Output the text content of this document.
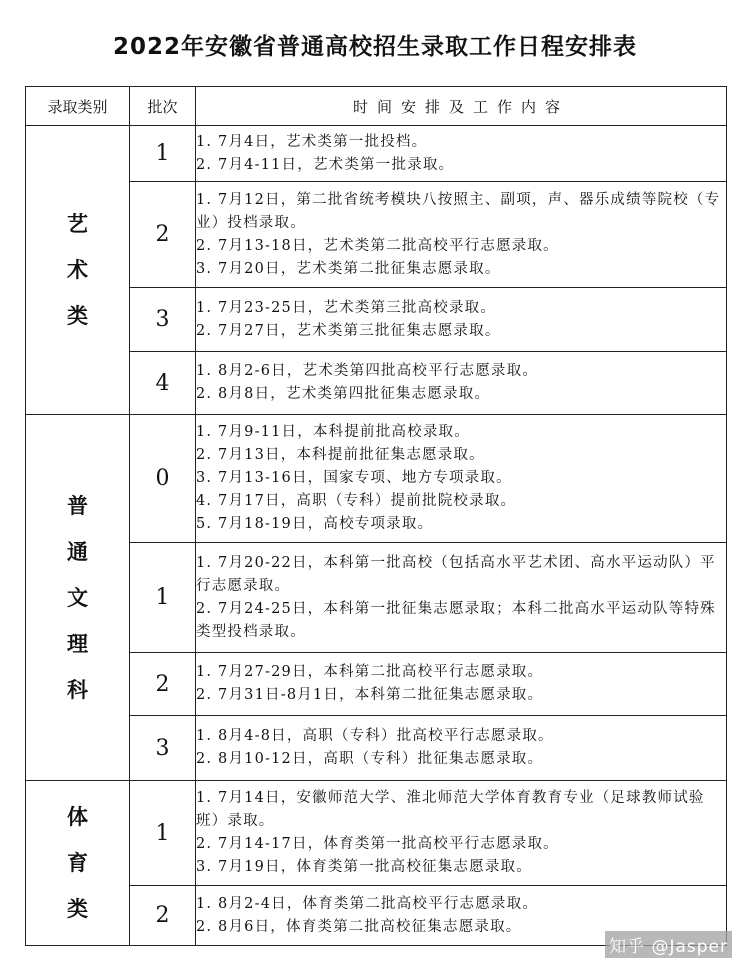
2022年安徽省普通高校招生录取工作日程安排表
录取类别	批次	时间安排及工作内容
艺术类	1	1. 7月4日，艺术类第一批投档。
2. 7月4-11日，艺术类第一批录取。

	2	1. 7月12日，第二批省统考模块八按照主、副项，声、器乐成绩等院校（专业）投档录取。
2. 7月13-18日，艺术类第二批高校平行志愿录取。
3. 7月20日，艺术类第二批征集志愿录取。

	3	1. 7月23-25日，艺术类第三批高校录取。
2. 7月27日，艺术类第三批征集志愿录取。

	4	1. 8月2-6日，艺术类第四批高校平行志愿录取。
2. 8月8日，艺术类第四批征集志愿录取。

普通文理科	0	1. 7月9-11日，本科提前批高校录取。
2. 7月13日，本科提前批征集志愿录取。
3. 7月13-16日，国家专项、地方专项录取。
4. 7月17日，高职（专科）提前批院校录取。
5. 7月18-19日，高校专项录取。

	1	1. 7月20-22日，本科第一批高校（包括高水平艺术团、高水平运动队）平行志愿录取。
2. 7月24-25日，本科第一批征集志愿录取；本科二批高水平运动队等特殊类型投档录取。

	2	1. 7月27-29日，本科第二批高校平行志愿录取。
2. 7月31日-8月1日，本科第二批征集志愿录取。

	3	1. 8月4-8日，高职（专科）批高校平行志愿录取。
2. 8月10-12日，高职（专科）批征集志愿录取。

体育类	1	1. 7月14日，安徽师范大学、淮北师范大学体育教育专业（足球教师试验班）录取。
2. 7月14-17日，体育类第一批高校平行志愿录取。
3. 7月19日，体育类第一批高校征集志愿录取。

	2	1. 8月2-4日，体育类第二批高校平行志愿录取。
2. 8月6日，体育类第二批高校征集志愿录取。
知乎 @Jasper
